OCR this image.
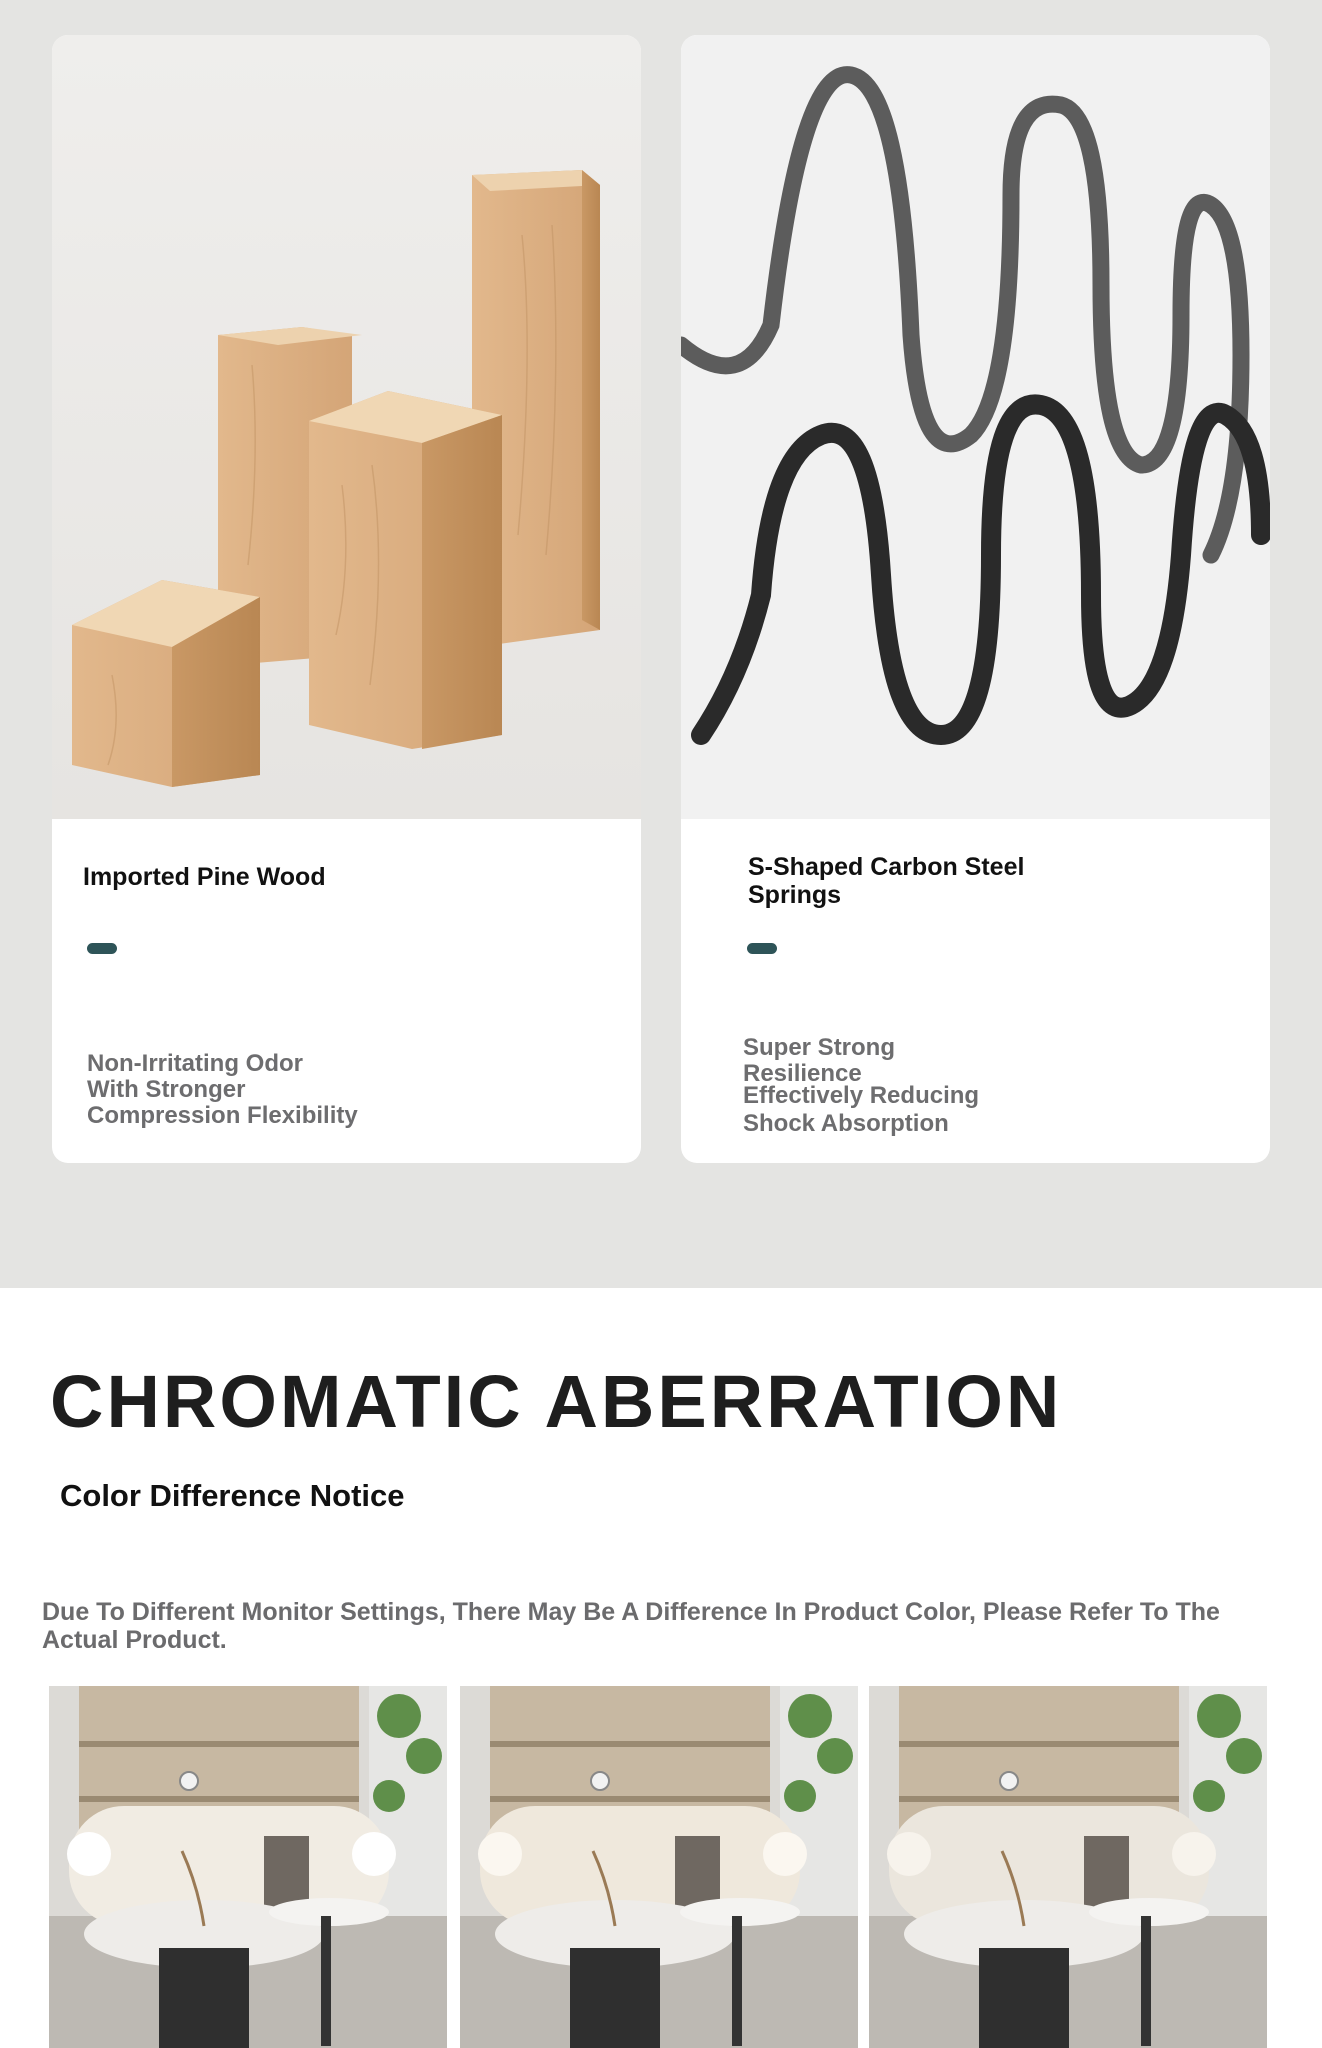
Imported Pine Wood

Non-Irritating Odor

With Stronger

Compression Flexibility

S-Shaped Carbon Steel Springs

Super Strong

Resilience

Effectively Reducing

Shock Absorption

CHROMATIC ABERRATION
Color Difference Notice

Due To Different Monitor Settings, There May Be A Difference In Product Color, Please Refer To The Actual Product.
